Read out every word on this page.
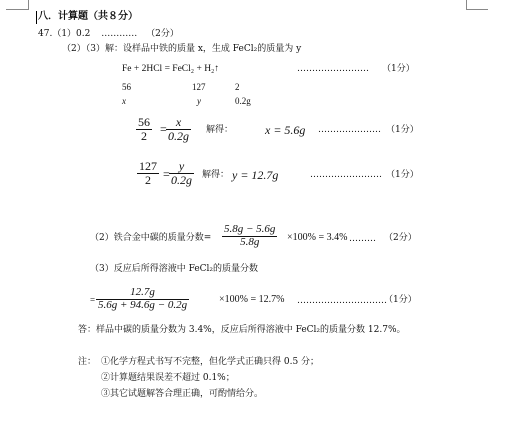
八．计算题（共８分）
47.（1）0.2 ………… （2分）
（2）（3）解：设样品中铁的质量 x，生成 FeCl₂的质量为 y
Fe + 2HCl = FeCl₂ + H₂↑	…………………… （1分）
56	127	2
x	y	0.2g
56
2 = x
0.2g 解得：	x = 5.6g ………………… （1分）
127
2 =
y
0.2g 解得： y = 12.7g	…………………… （1分）
（2）铁合金中碳的质量分数=
5.8g − 5.6g
5.8g	×100% = 3.4% ……… （2分）
（3）反应后所得溶液中 FeCl₂的质量分数
=
12.7g
5.6g + 94.6g − 0.2g	×100% = 12.7% …………………………
（1分）
答：样品中碳的质量分数为 3.4%，反应后所得溶液中 FeCl₂的质量分数 12.7%。
注： ①化学方程式书写不完整，但化学式正确只得 0.5 分；
②计算题结果误差不超过 0.1%；
③其它试题解答合理正确，可酌情给分。
